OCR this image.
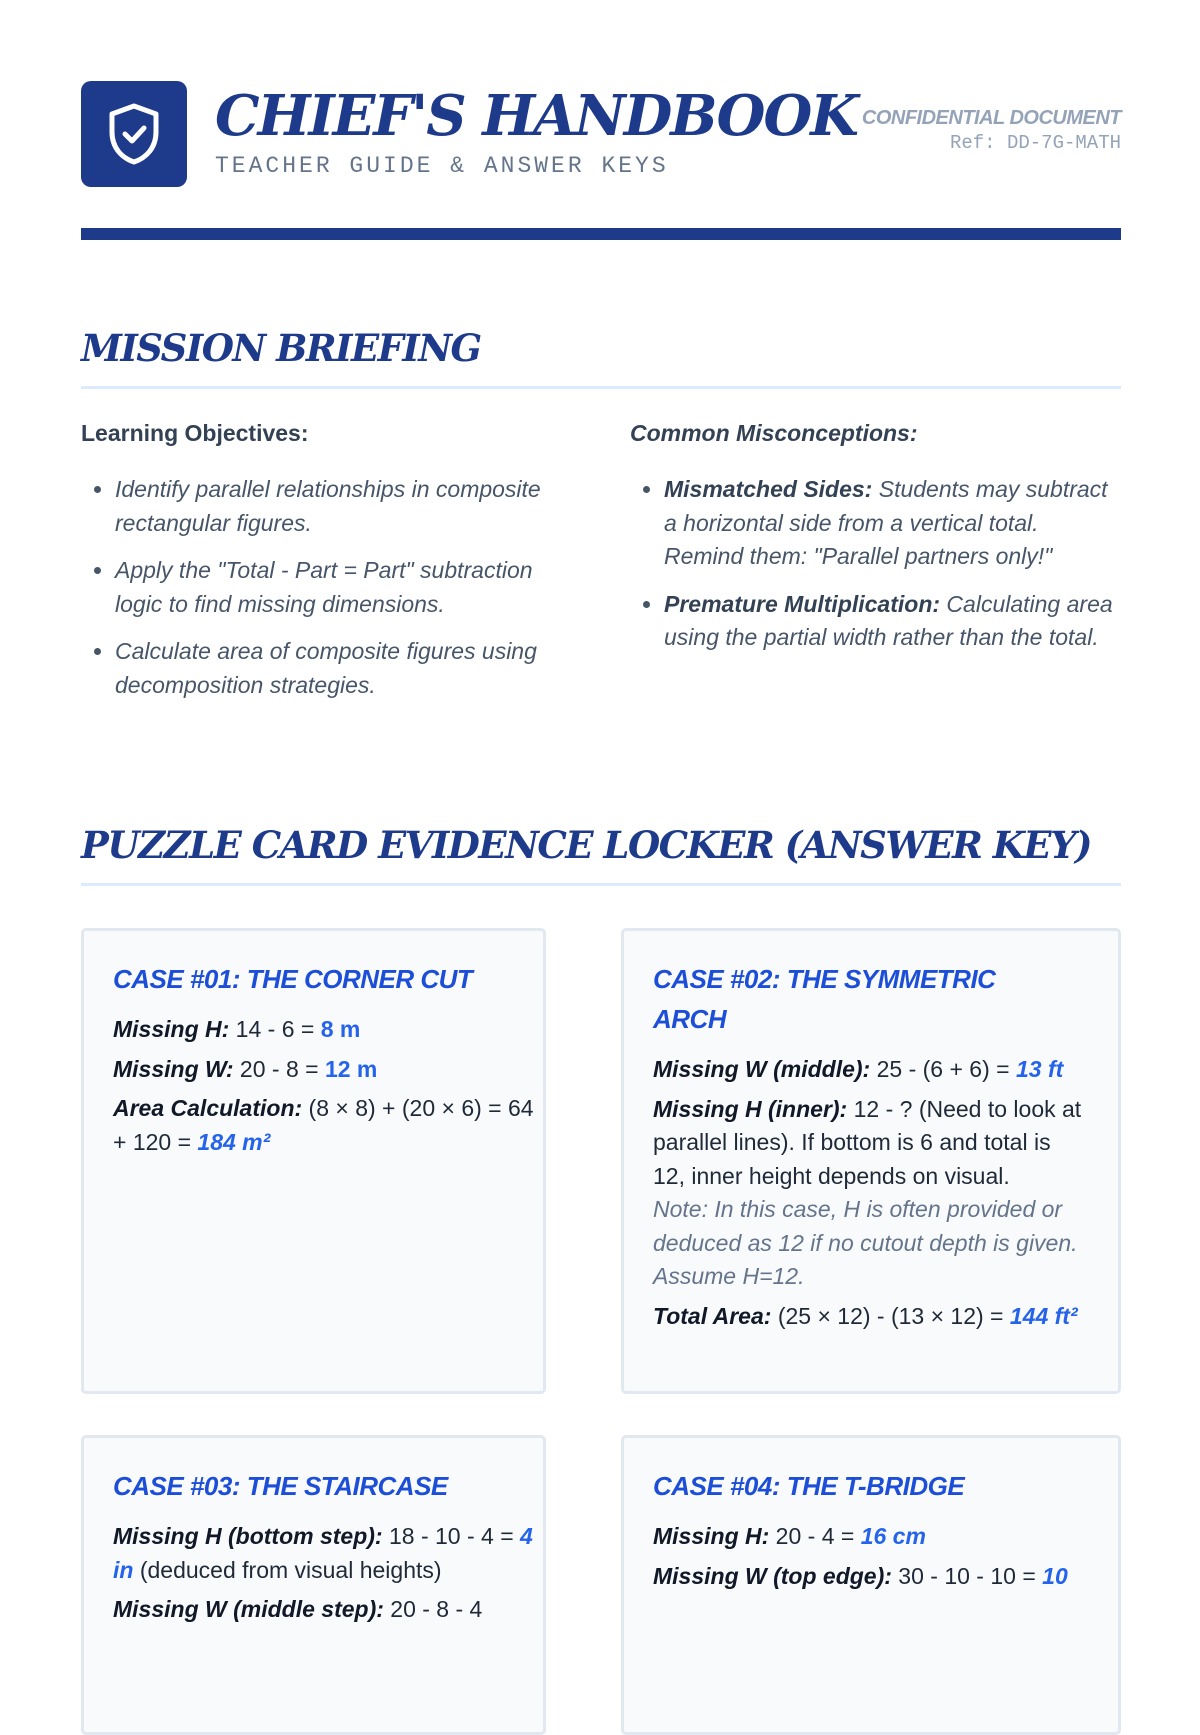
CHIEF'S HANDBOOK
TEACHER GUIDE & ANSWER KEYS
CONFIDENTIAL DOCUMENT
Ref: DD-7G-MATH
MISSION BRIEFING
Learning Objectives:
• Identify parallel relationships in composite rectangular figures.
• Apply the "Total - Part = Part" subtraction logic to find missing dimensions.
• Calculate area of composite figures using decomposition strategies.
Common Misconceptions:
• Mismatched Sides: Students may subtract a horizontal side from a vertical total. Remind them: "Parallel partners only!"
• Premature Multiplication: Calculating area using the partial width rather than the total.
PUZZLE CARD EVIDENCE LOCKER (ANSWER KEY)
CASE #01: THE CORNER CUT

Missing H: 14 - 6 = 8 m

Missing W: 20 - 8 = 12 m

Area Calculation: (8 × 8) + (20 × 6) = 64 + 120 = 184 m²

CASE #02: THE SYMMETRIC ARCH

Missing W (middle): 25 - (6 + 6) = 13 ft

Missing H (inner): 12 - ? (Need to look at parallel lines). If bottom is 6 and total is 12, inner height depends on visual.
Note: In this case, H is often provided or deduced as 12 if no cutout depth is given. Assume H=12.

Total Area: (25 × 12) - (13 × 12) = 144 ft²

CASE #03: THE STAIRCASE

Missing H (bottom step): 18 - 10 - 4 = 4 in (deduced from visual heights)

Missing W (middle step): 20 - 8 - 4

CASE #04: THE T-BRIDGE

Missing H: 20 - 4 = 16 cm

Missing W (top edge): 30 - 10 - 10 = 10
